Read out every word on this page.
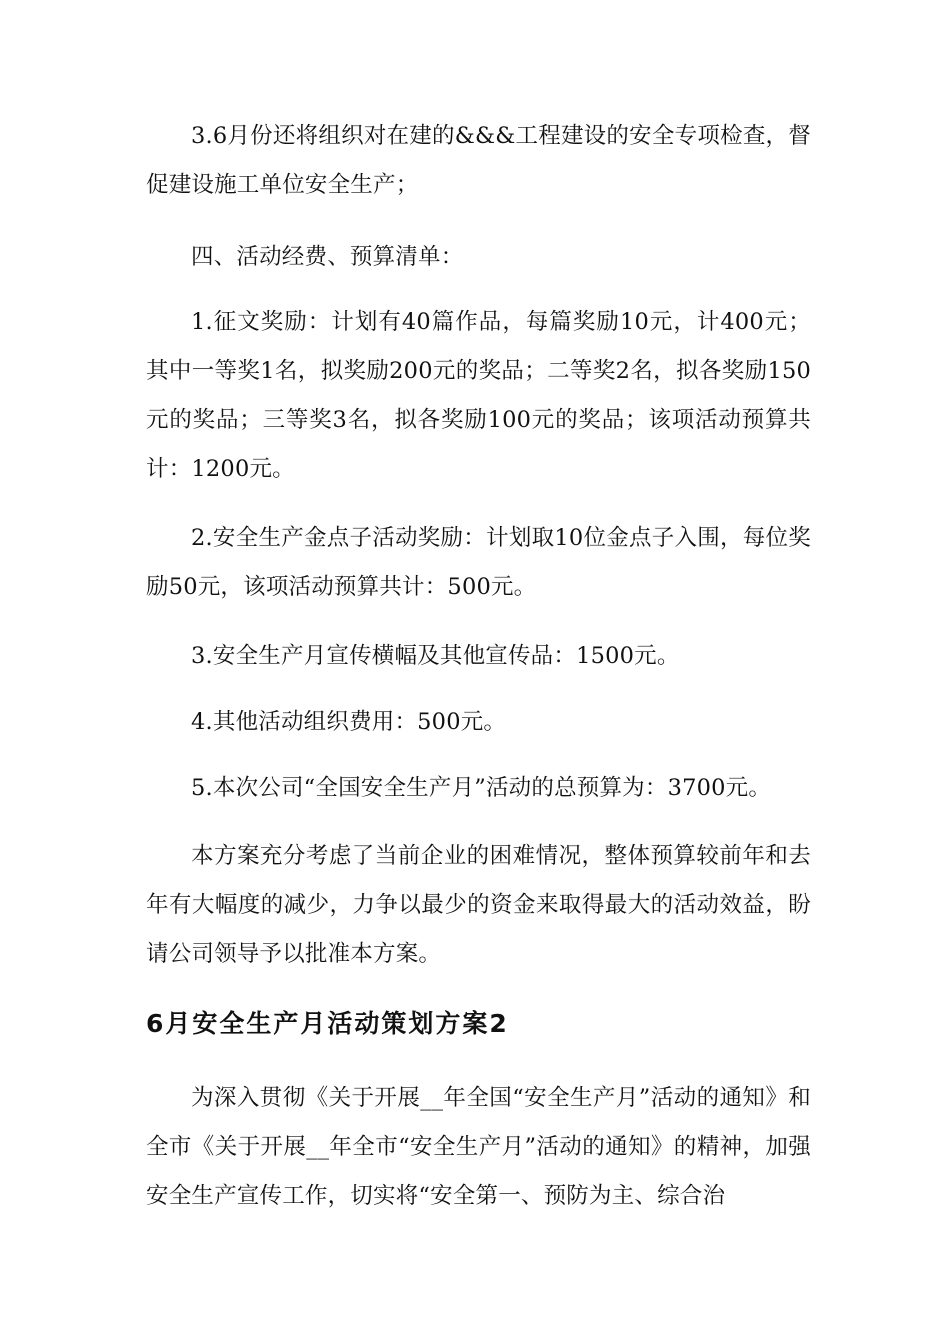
3.6月份还将组织对在建的&&&工程建设的安全专项检查，督促建设施工单位安全生产；

四、活动经费、预算清单：

1.征文奖励：计划有40篇作品，每篇奖励10元，计400元；其中一等奖1名，拟奖励200元的奖品；二等奖2名，拟各奖励150元的奖品；三等奖3名，拟各奖励100元的奖品；该项活动预算共计：1200元。

2.安全生产金点子活动奖励：计划取10位金点子入围，每位奖励50元，该项活动预算共计：500元。

3.安全生产月宣传横幅及其他宣传品：1500元。

4.其他活动组织费用：500元。

5.本次公司“全国安全生产月”活动的总预算为：3700元。

本方案充分考虑了当前企业的困难情况，整体预算较前年和去年有大幅度的减少，力争以最少的资金来取得最大的活动效益，盼请公司领导予以批准本方案。

6月安全生产月活动策划方案2

为深入贯彻《关于开展__年全国“安全生产月”活动的通知》和全市《关于开展__年全市“安全生产月”活动的通知》的精神，加强安全生产宣传工作，切实将“安全第一、预防为主、综合治
